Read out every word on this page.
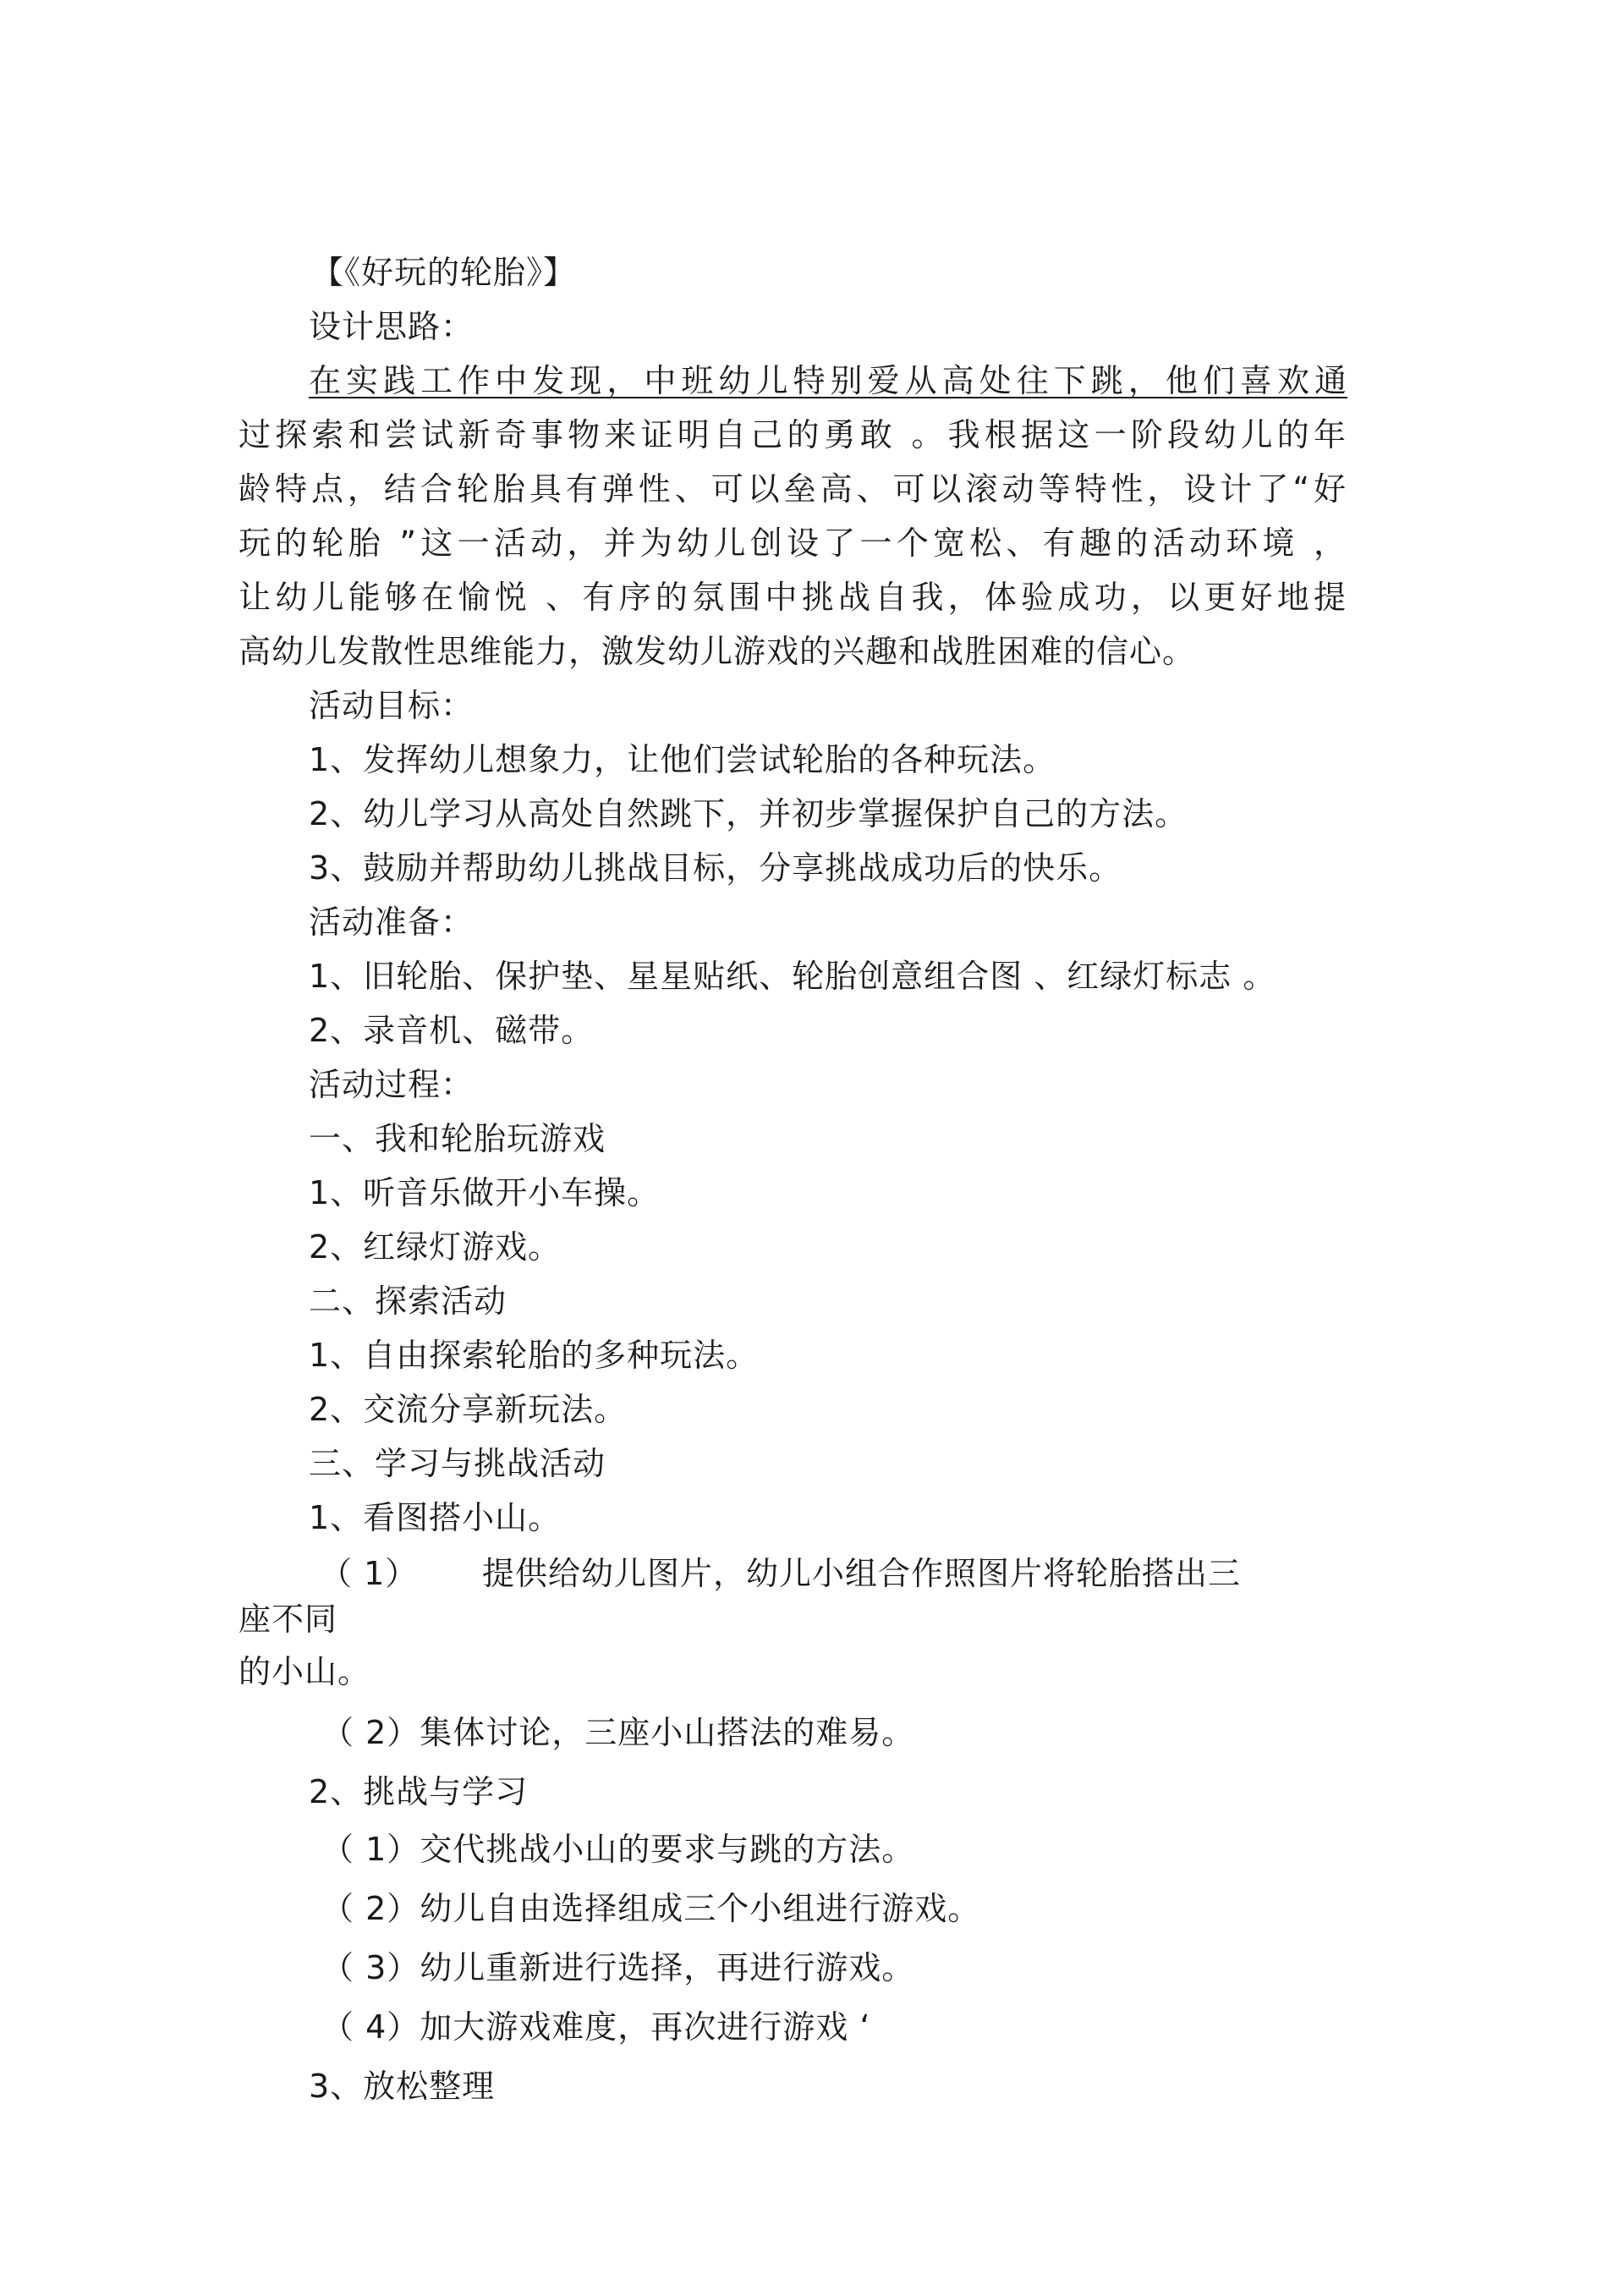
【《好玩的轮胎》】
设计思路：
在实践工作中发现，中班幼儿特别爱从高处往下跳，他们喜欢通
过探索和尝试新奇事物来证明自己的勇敢 。我根据这一阶段幼儿的年
龄特点，结合轮胎具有弹性、可以垒高、可以滚动等特性，设计了“好
玩的轮胎 ”这一活动，并为幼儿创设了一个宽松、有趣的活动环境 ，
让幼儿能够在愉悦 、有序的氛围中挑战自我，体验成功，以更好地提
高幼儿发散性思维能力，激发幼儿游戏的兴趣和战胜困难的信心。
活动目标：
1、发挥幼儿想象力，让他们尝试轮胎的各种玩法。
2、幼儿学习从高处自然跳下，并初步掌握保护自己的方法。
3、鼓励并帮助幼儿挑战目标，分享挑战成功后的快乐。
活动准备：
1、旧轮胎、保护垫、星星贴纸、轮胎创意组合图 、红绿灯标志 。
2、录音机、磁带。
活动过程：
一、我和轮胎玩游戏
1、听音乐做开小车操。
2、红绿灯游戏。
二、探索活动
1、自由探索轮胎的多种玩法。
2、交流分享新玩法。
三、学习与挑战活动
1、看图搭小山。
（ 1） 提供给幼儿图片，幼儿小组合作照图片将轮胎搭出三
座不同
的小山。
（ 2）集体讨论，三座小山搭法的难易。
2、挑战与学习
（ 1）交代挑战小山的要求与跳的方法。
（ 2）幼儿自由选择组成三个小组进行游戏。
（ 3）幼儿重新进行选择，再进行游戏。
（ 4）加大游戏难度，再次进行游戏 ‘
3、放松整理
